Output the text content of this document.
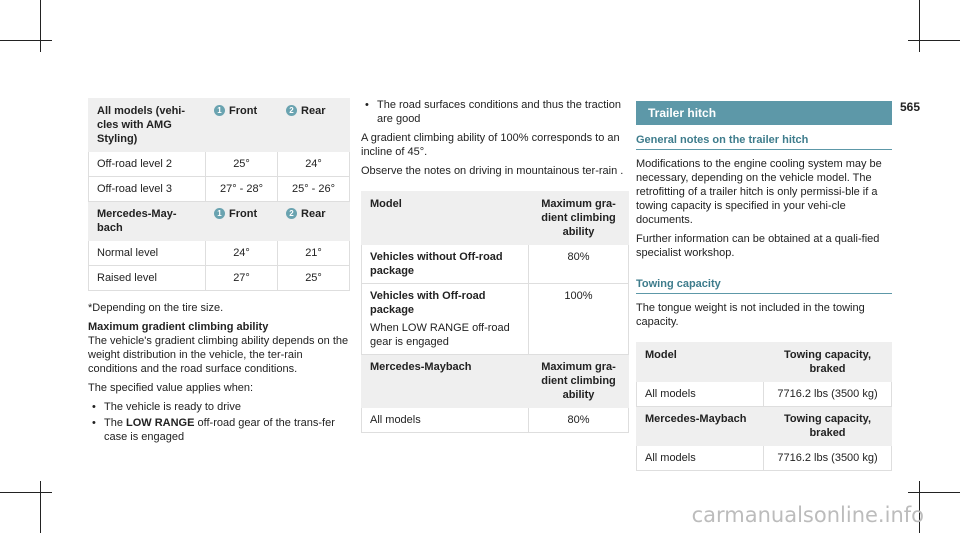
565
All models (vehi-cles with AMG Styling)	1 Front	2 Rear
Off-road level 2	25°	24°
Off-road level 3	27° - 28°	25° - 26°
Mercedes-May-bach	1 Front	2 Rear
Normal level	24°	21°
Raised level	27°	25°

*Depending on the tire size.

Maximum gradient climbing ability

The vehicle's gradient climbing ability depends on the weight distribution in the vehicle, the ter-rain conditions and the road surface conditions.

The specified value applies when:

• The vehicle is ready to drive
• The LOW RANGE off-road gear of the trans-fer case is engaged
• The road surfaces conditions and thus the traction are good

A gradient climbing ability of 100% corresponds to an incline of 45°.

Observe the notes on driving in mountainous ter-rain .

Model	Maximum gra-dient climbing ability
Vehicles without Off-road package	80%

Vehicles with Off-road package
When LOW RANGE off-road gear is engaged	100%
Mercedes-Maybach	Maximum gra-dient climbing ability
All models	80%
Trailer hitch
General notes on the trailer hitch

Modifications to the engine cooling system may be necessary, depending on the vehicle model. The retrofitting of a trailer hitch is only permissi-ble if a towing capacity is specified in your vehi-cle documents.

Further information can be obtained at a quali-fied specialist workshop.

Towing capacity

The tongue weight is not included in the towing capacity.

Model	Towing capacity, braked
All models	7716.2 lbs (3500 kg)
Mercedes-Maybach	Towing capacity, braked
All models	7716.2 lbs (3500 kg)
carmanualsonline.info
